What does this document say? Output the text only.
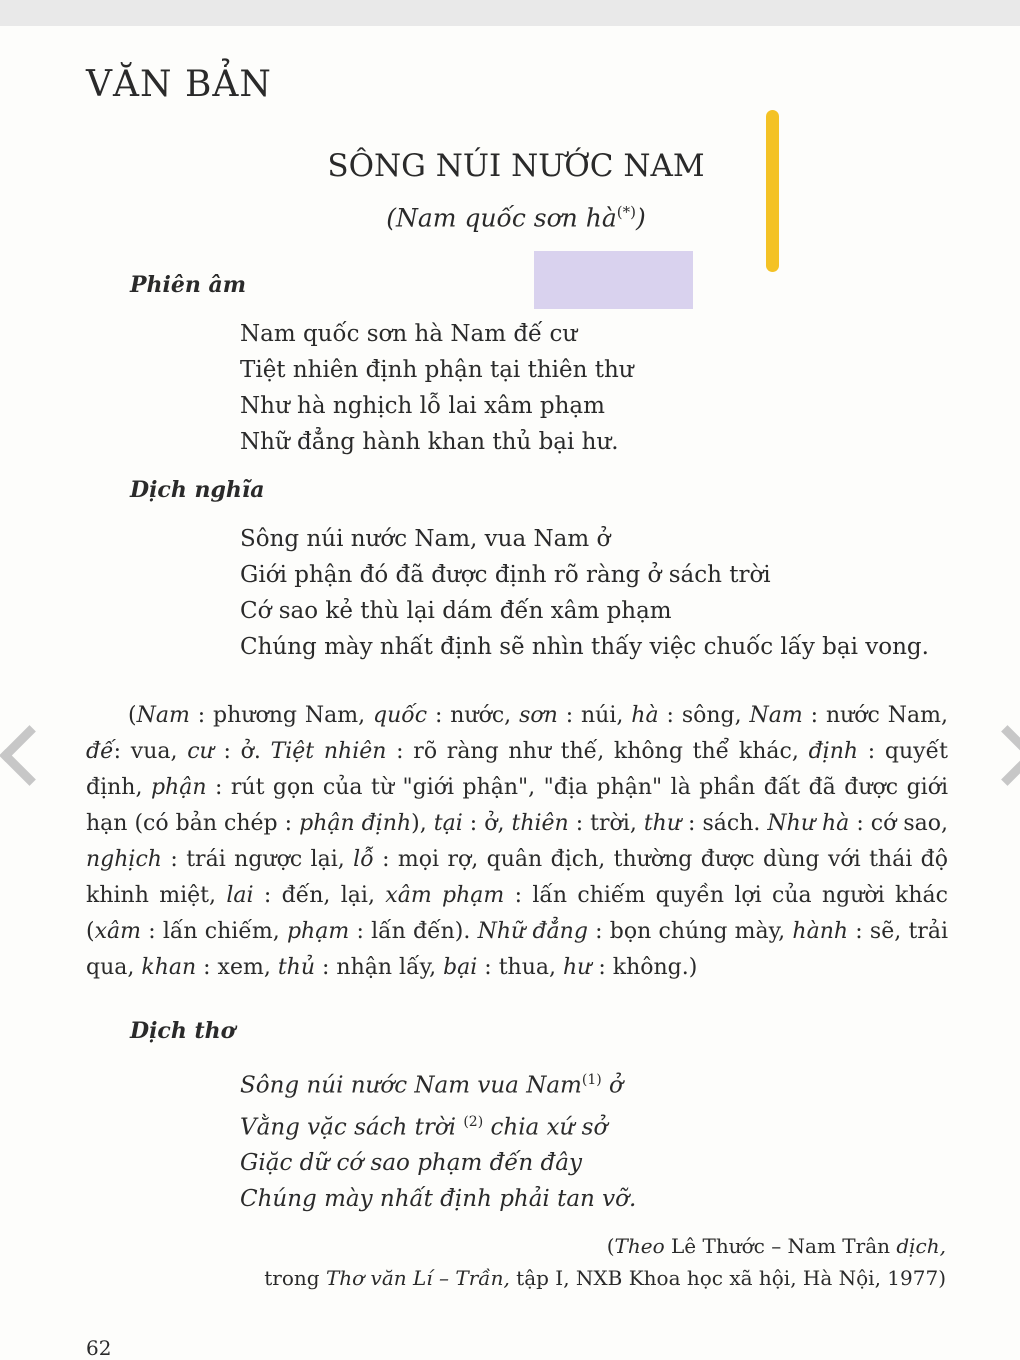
VĂN BẢN
SÔNG NÚI NƯỚC NAM
(Nam quốc sơn hà(*))
Phiên âm
Nam quốc sơn hà Nam đế cư
Tiệt nhiên định phận tại thiên thư
Như hà nghịch lỗ lai xâm phạm
Nhữ đẳng hành khan thủ bại hư.
Dịch nghĩa
Sông núi nước Nam, vua Nam ở
Giới phận đó đã được định rõ ràng ở sách trời
Cớ sao kẻ thù lại dám đến xâm phạm
Chúng mày nhất định sẽ nhìn thấy việc chuốc lấy bại vong.

(Nam : phương Nam, quốc : nước, sơn : núi, hà : sông, Nam : nước Nam, đế: vua, cư : ở. Tiệt nhiên : rõ ràng như thế, không thể khác, định : quyết định, phận : rút gọn của từ "giới phận", "địa phận" là phần đất đã được giới hạn (có bản chép : phận định), tại : ở, thiên : trời, thư : sách. Như hà : cớ sao, nghịch : trái ngược lại, lỗ : mọi rợ, quân địch, thường được dùng với thái độ khinh miệt, lai : đến, lại, xâm phạm : lấn chiếm quyền lợi của người khác (xâm : lấn chiếm, phạm : lấn đến). Nhữ đẳng : bọn chúng mày, hành : sẽ, trải qua, khan : xem, thủ : nhận lấy, bại : thua, hư : không.)

Dịch thơ
Sông núi nước Nam vua Nam$^{(1)}$ ở
Vằng vặc sách trời $^{(2)}$ chia xứ sở
Giặc dữ cớ sao phạm đến đây
Chúng mày nhất định phải tan vỡ.
(Theo Lê Thước – Nam Trân dịch,
trong Thơ văn Lí – Trần, tập I, NXB Khoa học xã hội, Hà Nội, 1977)
62
